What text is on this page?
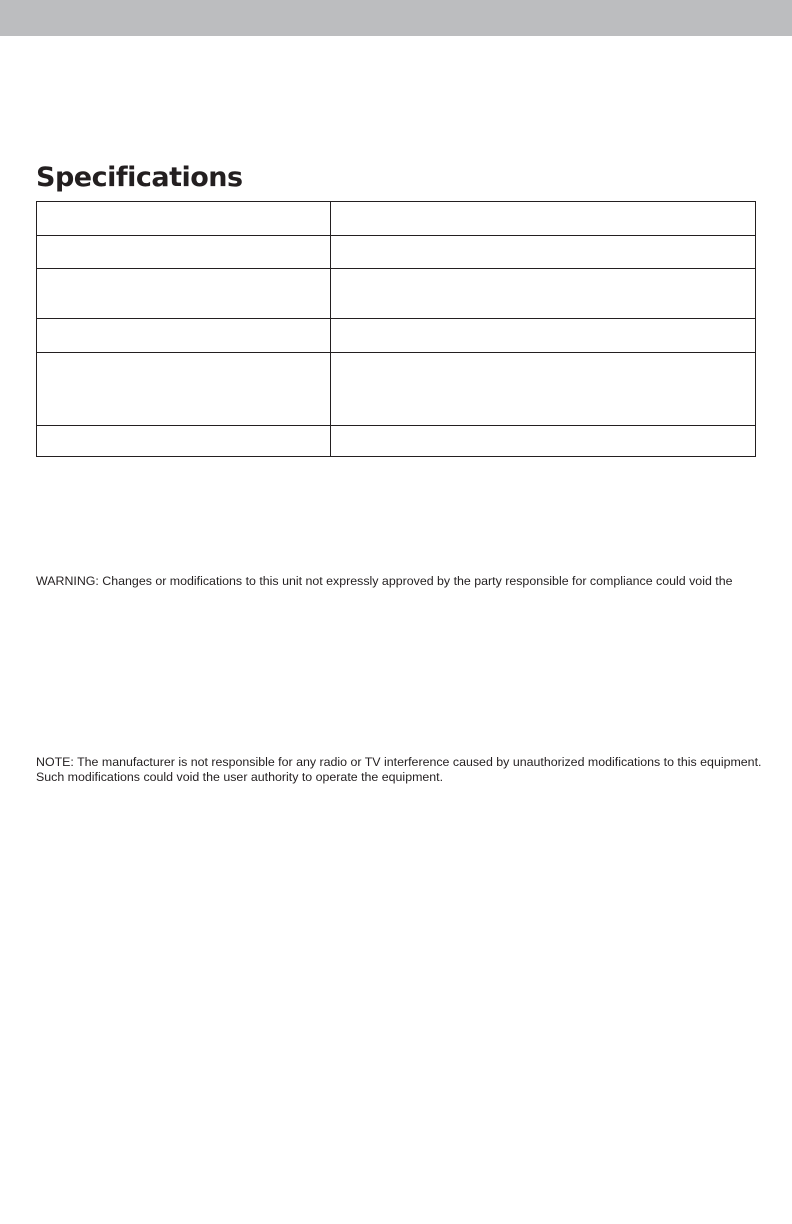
Specifications

WARNING: Changes or modifications to this unit not expressly approved by the party responsible for compliance could void the

NOTE: The manufacturer is not responsible for any radio or TV interference caused by unauthorized modifications to this equipment.
Such modifications could void the user authority to operate the equipment.
